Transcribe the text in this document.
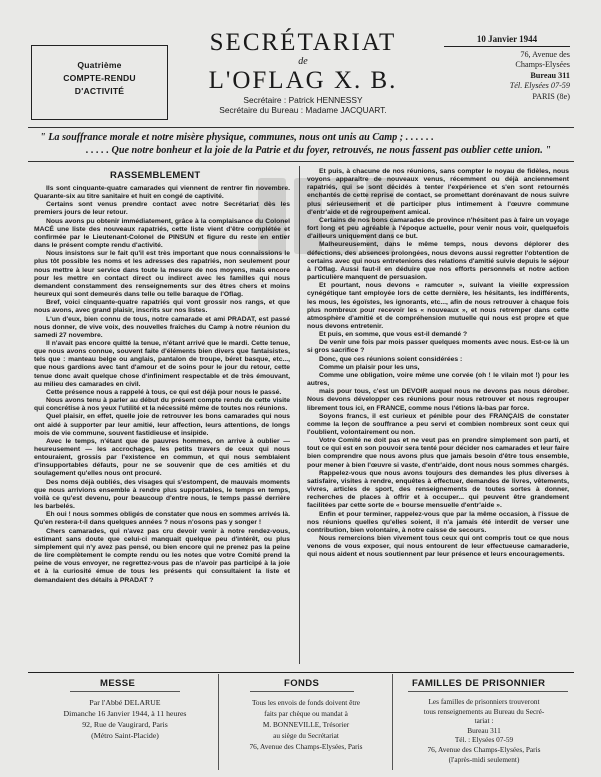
Quatrième
COMPTE-RENDU
D'ACTIVITÉ
SECRÉTARIAT
de
L'OFLAG X. B.
Secrétaire : Patrick HENNESSY
Secrétaire du Bureau : Madame JACQUART.
10 Janvier 1944
76, Avenue des
Champs-Elysées
Bureau 311
Tél. Elysées 07-59
PARIS (8e)
" La souffrance morale et notre misère physique, communes, nous ont unis au Camp ; . . . . . .
. . . . . Que notre bonheur et la joie de la Patrie et du foyer, retrouvés, ne nous fassent pas oublier cette union. "
RASSEMBLEMENT

Ils sont cinquante-quatre camarades qui viennent de rentrer fin novembre. Quarante-six au titre sanitaire et huit en congé de captivité.

Certains sont venus prendre contact avec notre Secrétariat dès les premiers jours de leur retour.

Nous avons pu obtenir immédiatement, grâce à la complaisance du Colonel MACÉ une liste des nouveaux rapatriés, cette liste vient d'être complétée et confirmée par le Lieutenant-Colonel de PINSUN et figure du reste en entier dans le présent compte rendu d'activité.

Nous insistons sur le fait qu'il est très important que nous connaissions le plus tôt possible les noms et les adresses des rapatriés, non seulement pour nous mettre à leur service dans toute la mesure de nos moyens, mais encore pour les mettre en contact direct ou indirect avec les familles qui nous demandent constamment des renseignements sur des êtres chers et moins heureux qui sont demeurés dans telle ou telle baraque de l'Oflag.

Bref, voici cinquante-quatre rapatriés qui vont grossir nos rangs, et que nous avons, avec grand plaisir, inscrits sur nos listes.

L'un d'eux, bien connu de tous, notre camarade et ami PRADAT, est passé nous donner, de vive voix, des nouvelles fraîches du Camp à notre réunion du samedi 27 novembre.

Il n'avait pas encore quitté la tenue, n'étant arrivé que le mardi. Cette tenue, que nous avons connue, souvent faite d'éléments bien divers que fantaisistes, tels que : manteau belge ou anglais, pantalon de troupe, béret basque, etc..., que nous gardions avec tant d'amour et de soins pour le jour du retour, cette tenue donc avait quelque chose d'infiniment respectable et de très émouvant, au milieu des camarades en civil.

Cette présence nous a rappelé à tous, ce qui est déjà pour nous le passé.

Nous avons tenu à parler au début du présent compte rendu de cette visite qui concrétise à nos yeux l'utilité et la nécessité même de toutes nos réunions.

Quel plaisir, en effet, quelle joie de retrouver les bons camarades qui nous ont aidé à supporter par leur amitié, leur affection, leurs attentions, de longs mois de vie commune, souvent fastidieuse et insipide.

Avec le temps, n'étant que de pauvres hommes, on arrive à oublier — heureusement — les accrochages, les petits travers de ceux qui nous entouraient, grossis par l'existence en commun, et qui nous semblaient d'insupportables défauts, pour ne se souvenir que de ces amitiés et du soulagement qu'elles nous ont procuré.

Des noms déjà oubliés, des visages qui s'estompent, de mauvais moments que nous arrivions ensemble à rendre plus supportables, le temps en temps, voilà ce qu'est devenu, pour beaucoup d'entre nous, le temps passé derrière les barbelés.

Eh oui ! nous sommes obligés de constater que nous en sommes arrivés là. Qu'en restera-t-il dans quelques années ? nous n'osons pas y songer !

Chers camarades, qui n'avez pas cru devoir venir à notre rendez-vous, estimant sans doute que celui-ci manquait quelque peu d'intérêt, ou plus simplement qui n'y avez pas pensé, ou bien encore qui ne prenez pas la peine de lire complètement le compte rendu ou les notes que votre Comité prend la peine de vous envoyer, ne regrettez-vous pas de n'avoir pas participé à la joie et à la curiosité émue de tous les présents qui consultaient la liste et demandaient des détails à PRADAT ?

Et puis, à chacune de nos réunions, sans compter le noyau de fidèles, nous voyons apparaître de nouveaux venus, récemment ou déjà anciennement rapatriés, qui se sont décidés à tenter l'expérience et s'en sont retournés enchantés de cette reprise de contact, se promettant dorénavant de nous suivre plus sérieusement et de participer plus intimement à l'œuvre commune d'entr'aide et de regroupement amical.

Certains de nos bons camarades de province n'hésitent pas à faire un voyage fort long et peu agréable à l'époque actuelle, pour venir nous voir, quelquefois d'ailleurs uniquement dans ce but.

Malheureusement, dans le même temps, nous devons déplorer des défections, des absences prolongées, nous devons aussi regretter l'obtention de certains avec qui nous entretenions des relations d'amitié suivie depuis le séjour à l'Oflag. Aussi faut-il en déduire que nos efforts personnels et notre action particulière manquent de persuasion.

Et pourtant, nous devons « ramcuter », suivant la vieille expression cynégétique tant employée lors de cette dernière, les hésitants, les indifférents, les mous, les égoïstes, les ignorants, etc..., afin de nous retrouver à chaque fois plus nombreux pour recevoir les « nouveaux », et nous retremper dans cette atmosphère d'amitié et de compréhension mutuelle qui nous est propre et que nous devons entretenir.

Et puis, en somme, que vous est-il demandé ?

De venir une fois par mois passer quelques moments avec nous. Est-ce là un si gros sacrifice ?

Donc, que ces réunions soient considérées :

Comme un plaisir pour les uns,

Comme une obligation, voire même une corvée (oh ! le vilain mot !) pour les autres,

mais pour tous, c'est un DEVOIR auquel nous ne devons pas nous dérober. Nous devons développer ces réunions pour nous retrouver et nous regrouper librement tous ici, en FRANCE, comme nous l'étions là-bas par force.

Soyons francs, il est curieux et pénible pour des FRANÇAIS de constater comme la leçon de souffrance a peu servi et combien nombreux sont ceux qui l'oublient, volontairement ou non.

Votre Comité ne doit pas et ne veut pas en prendre simplement son parti, et tout ce qui est en son pouvoir sera tenté pour décider nos camarades et leur faire bien comprendre que nous avons plus que jamais besoin d'être tous ensemble, pour mener à bien l'œuvre si vaste, d'entr'aide, dont nous nous sommes chargés.

Rappelez-vous que nous avons toujours des demandes les plus diverses à satisfaire, visites à rendre, enquêtes à effectuer, demandes de livres, vêtements, vivres, articles de sport, des renseignements de toutes sortes à donner, recherches de places à offrir et à occuper... qui peuvent être grandement facilitées par cette sorte de « bourse mensuelle d'entr'aide ».

Enfin et pour terminer, rappelez-vous que par la même occasion, à l'issue de nos réunions quelles qu'elles soient, il n'a jamais été interdit de verser une contribution, bien volontaire, à notre caisse de secours.

Nous remercions bien vivement tous ceux qui ont compris tout ce que nous venons de vous exposer, qui nous entourent de leur effectueuse camaraderie, qui nous aident et nous soutiennent par leur présence et leurs encouragements.

MESSE
Par l'Abbé DELARUE
Dimanche 16 Janvier 1944, à 11 heures
92, Rue de Vaugirard, Paris
(Métro Saint-Placide)
FONDS
Tous les envois de fonds doivent être
faits par chèque ou mandat à
M. BONNEVILLE, Trésorier
au siège du Secrétariat
76, Avenue des Champs-Elysées, Paris
FAMILLES DE PRISONNIER
Les familles de prisonniers trouveront
tous renseignements au Bureau du Secré-
tariat :
Bureau 311
Tél. : Elysées 07-59
76, Avenue des Champs-Elysées, Paris
(l'après-midi seulement)
